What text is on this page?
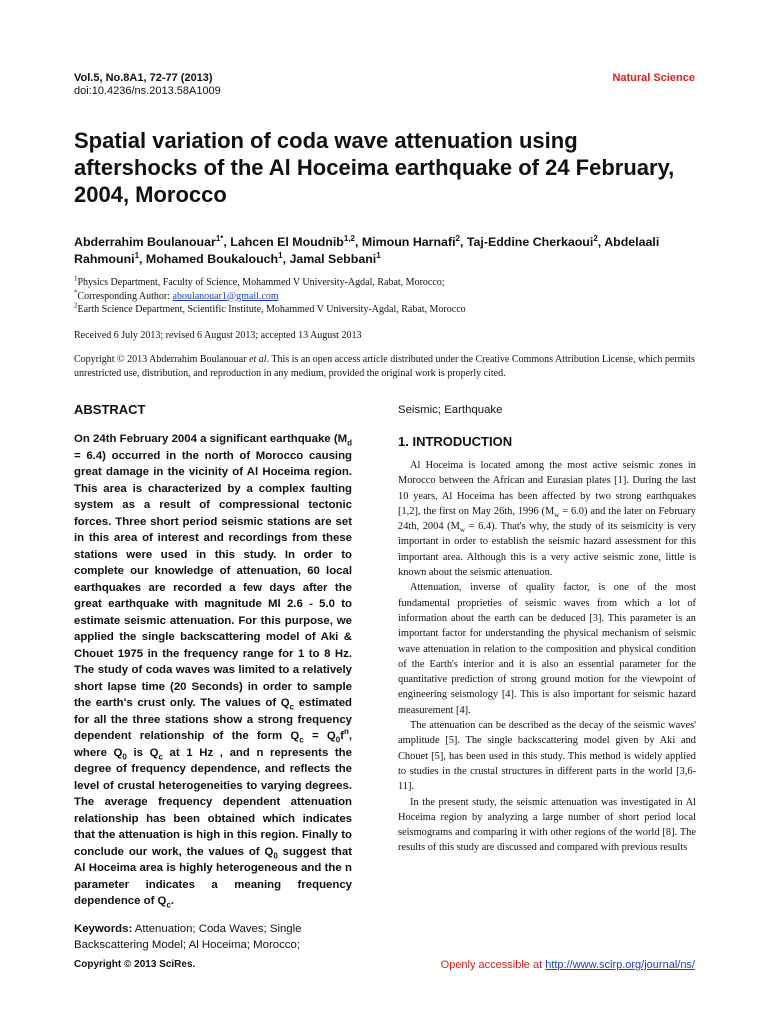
Vol.5, No.8A1, 72-77 (2013)
doi:10.4236/ns.2013.58A1009
Natural Science
Spatial variation of coda wave attenuation using aftershocks of the Al Hoceima earthquake of 24 February, 2004, Morocco
Abderrahim Boulanouar$^{1*}$, Lahcen El Moudnib$^{1,2}$, Mimoun Harnafi$^2$, Taj-Eddine Cherkaoui$^2$, Abdelaali Rahmouni$^1$, Mohamed Boukalouch$^1$, Jamal Sebbani$^1$
$^1$Physics Department, Faculty of Science, Mohammed V University-Agdal, Rabat, Morocco;
*Corresponding Author: aboulanouar1@gmail.com
$^2$Earth Science Department, Scientific Institute, Mohammed V University-Agdal, Rabat, Morocco
Received 6 July 2013; revised 6 August 2013; accepted 13 August 2013
Copyright © 2013 Abderrahim Boulanouar et al. This is an open access article distributed under the Creative Commons Attribution License, which permits unrestricted use, distribution, and reproduction in any medium, provided the original work is properly cited.
ABSTRACT
On 24th February 2004 a significant earthquake $(M_d = 6.4)$ occurred in the north of Morocco causing great damage in the vicinity of Al Hoceima region. This area is characterized by a complex faulting system as a result of compressional tectonic forces. Three short period seismic stations are set in this area of interest and recordings from these stations were used in this study. In order to complete our knowledge of attenuation, 60 local earthquakes are recorded a few days after the great earthquake with magnitude Ml 2.6 - 5.0 to estimate seismic attenuation. For this purpose, we applied the single backscattering model of Aki & Chouet 1975 in the frequency range for 1 to 8 Hz. The study of coda waves was limited to a relatively short lapse time (20 Seconds) in order to sample the earth's crust only. The values of $Q_c$ estimated for all the three stations show a strong frequency dependent relationship of the form $Q_c = Q_0f^n$, where $Q_0$ is $Q_c$ at 1 Hz , and n represents the degree of frequency dependence, and reflects the level of crustal heterogeneities to varying degrees. The average frequency dependent attenuation relationship has been obtained which indicates that the attenuation is high in this region. Finally to conclude our work, the values of $Q_0$ suggest that Al Hoceima area is highly heterogeneous and the n parameter indicates a meaning frequency dependence of $Q_c$.
Keywords: Attenuation; Coda Waves; Single Backscattering Model; Al Hoceima; Morocco;
Seismic; Earthquake
1. INTRODUCTION

Al Hoceima is located among the most active seismic zones in Morocco between the African and Eurasian plates [1]. During the last 10 years, Al Hoceima has been affected by two strong earthquakes [1,2], the first on May 26th, 1996 $(M_w = 6.0)$ and the later on February 24th, 2004 $(M_w = 6.4)$. That's why, the study of its seismicity is very important in order to establish the seismic hazard assessment for this important area. Although this is a very active seismic zone, little is known about the seismic attenuation.

Attenuation, inverse of quality factor, is one of the most fundamental proprieties of seismic waves from which a lot of information about the earth can be deduced [3]. This parameter is an important factor for understanding the physical mechanism of seismic wave attenuation in relation to the composition and physical condition of the Earth's interior and it is also an essential parameter for the quantitative prediction of strong ground motion for the viewpoint of engineering seismology [4]. This is also important for seismic hazard measurement [4].

The attenuation can be described as the decay of the seismic waves' amplitude [5]. The single backscattering model given by Aki and Chouet [5], has been used in this study. This method is widely applied to studies in the crustal structures in different parts in the world [3,6-11].

In the present study, the seismic attenuation was investigated in Al Hoceima region by analyzing a large number of short period local seismograms and comparing it with other regions of the world [8]. The results of this study are discussed and compared with previous results

Copyright © 2013 SciRes.	Openly accessible at http://www.scirp.org/journal/ns/
